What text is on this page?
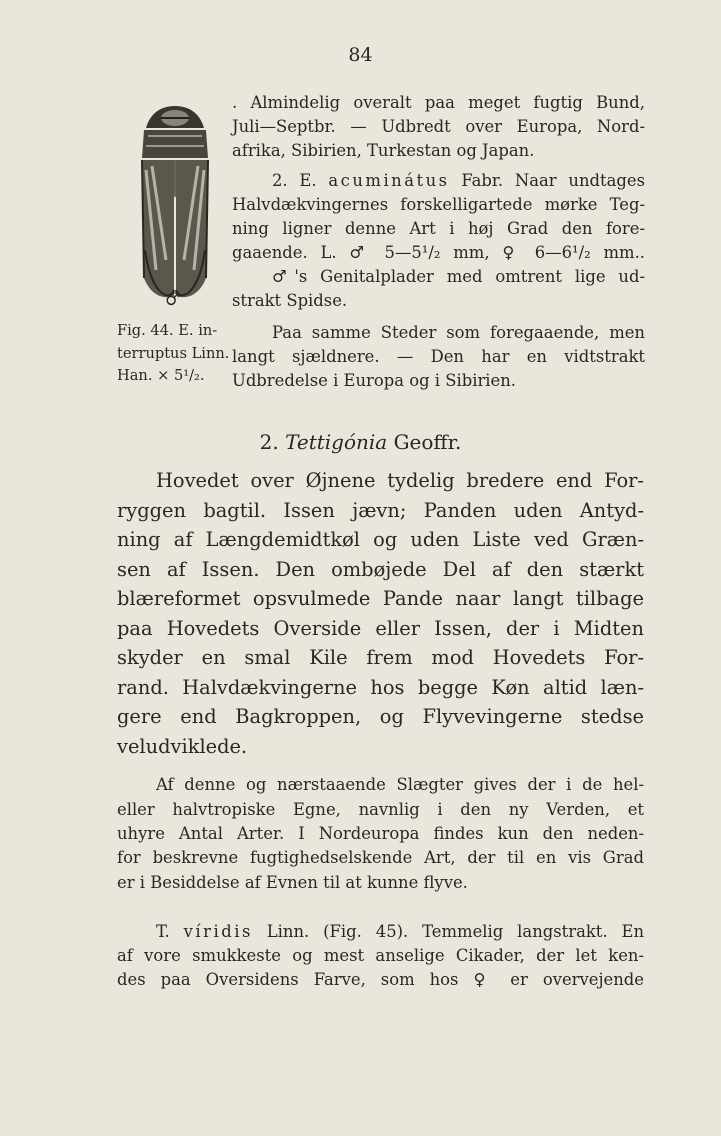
84
♂
Fig. 44. E. in-
terruptus Linn.
Han. × 5¹/₂.
. Almindelig overalt paa meget fugtig Bund,
Juli—Septbr. — Udbredt over Europa, Nord-
afrika, Sibirien, Turkestan og Japan.
2. E. acuminátus Fabr. Naar undtages
Halvdækvingernes forskelligartede mørke Teg-
ning ligner denne Art i høj Grad den fore-
gaaende. L. ♂ 5—5¹/₂ mm, ♀ 6—6¹/₂ mm..
♂'s Genitalplader med omtrent lige ud-
strakt Spidse.
Paa samme Steder som foregaaende, men
langt sjældnere. — Den har en vidtstrakt
Udbredelse i Europa og i Sibirien.
2. Tettigónia Geoffr.
Hovedet over Øjnene tydelig bredere end For-
ryggen bagtil. Issen jævn; Panden uden Antyd-
ning af Længdemidtkøl og uden Liste ved Græn-
sen af Issen. Den ombøjede Del af den stærkt
blæreformet opsvulmede Pande naar langt tilbage
paa Hovedets Overside eller Issen, der i Midten
skyder en smal Kile frem mod Hovedets For-
rand. Halvdækvingerne hos begge Køn altid læn-
gere end Bagkroppen, og Flyvevingerne stedse
veludviklede.
Af denne og nærstaaende Slægter gives der i de hel-
eller halvtropiske Egne, navnlig i den ny Verden, et
uhyre Antal Arter. I Nordeuropa findes kun den neden-
for beskrevne fugtighedselskende Art, der til en vis Grad
er i Besiddelse af Evnen til at kunne flyve.
T. víridis Linn. (Fig. 45). Temmelig langstrakt. En
af vore smukkeste og mest anselige Cikader, der let ken-
des paa Oversidens Farve, som hos ♀ er overvejende
